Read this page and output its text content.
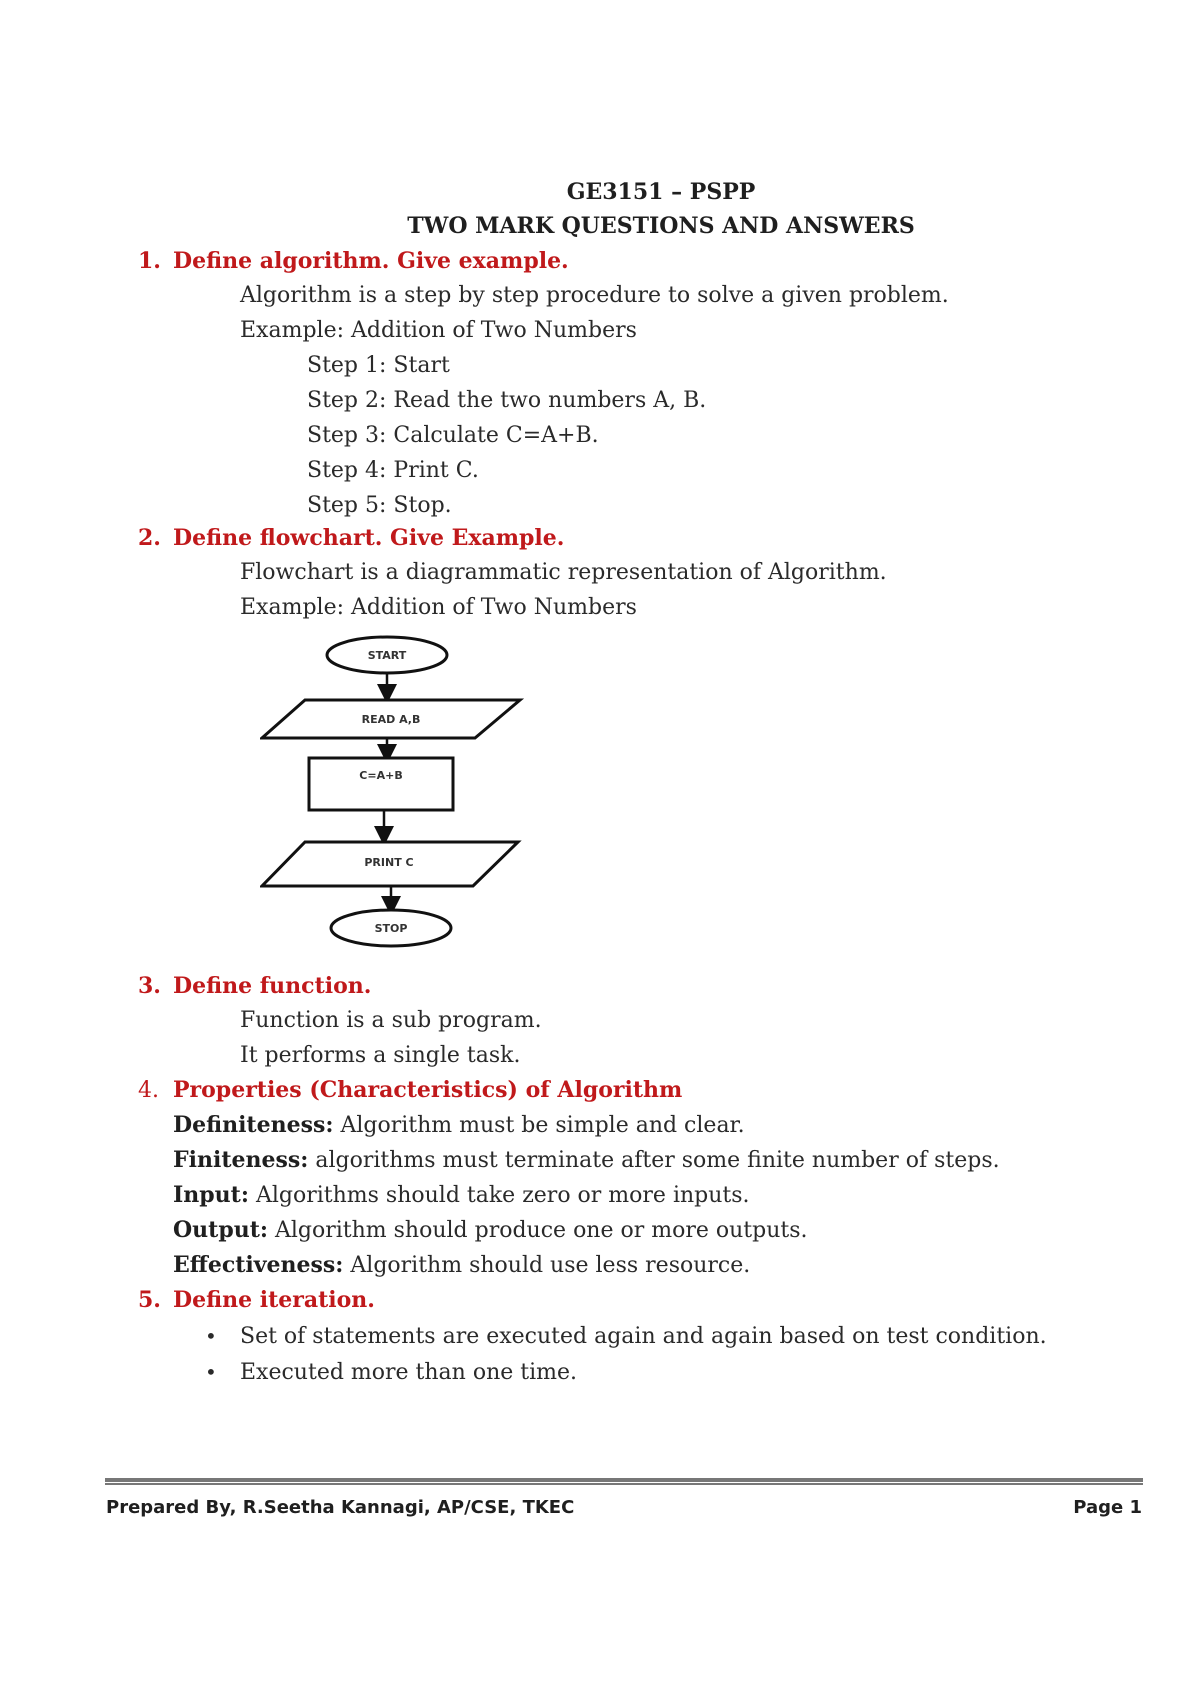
GE3151 – PSPP
TWO MARK QUESTIONS AND ANSWERS
1. Define algorithm. Give example.
Algorithm is a step by step procedure to solve a given problem.
Example: Addition of Two Numbers
Step 1: Start
Step 2: Read the two numbers A, B.
Step 3: Calculate C=A+B.
Step 4: Print C.
Step 5: Stop.
2. Define flowchart. Give Example.
Flowchart is a diagrammatic representation of Algorithm.
Example: Addition of Two Numbers
START
READ A,B
C=A+B
PRINT C
STOP
3. Define function.
Function is a sub program.
It performs a single task.
4. Properties (Characteristics) of Algorithm
Definiteness: Algorithm must be simple and clear.
Finiteness: algorithms must terminate after some finite number of steps.
Input: Algorithms should take zero or more inputs.
Output: Algorithm should produce one or more outputs.
Effectiveness: Algorithm should use less resource.
5. Define iteration.
• Set of statements are executed again and again based on test condition.
• Executed more than one time.
Prepared By, R.Seetha Kannagi, AP/CSE, TKEC	Page 1
